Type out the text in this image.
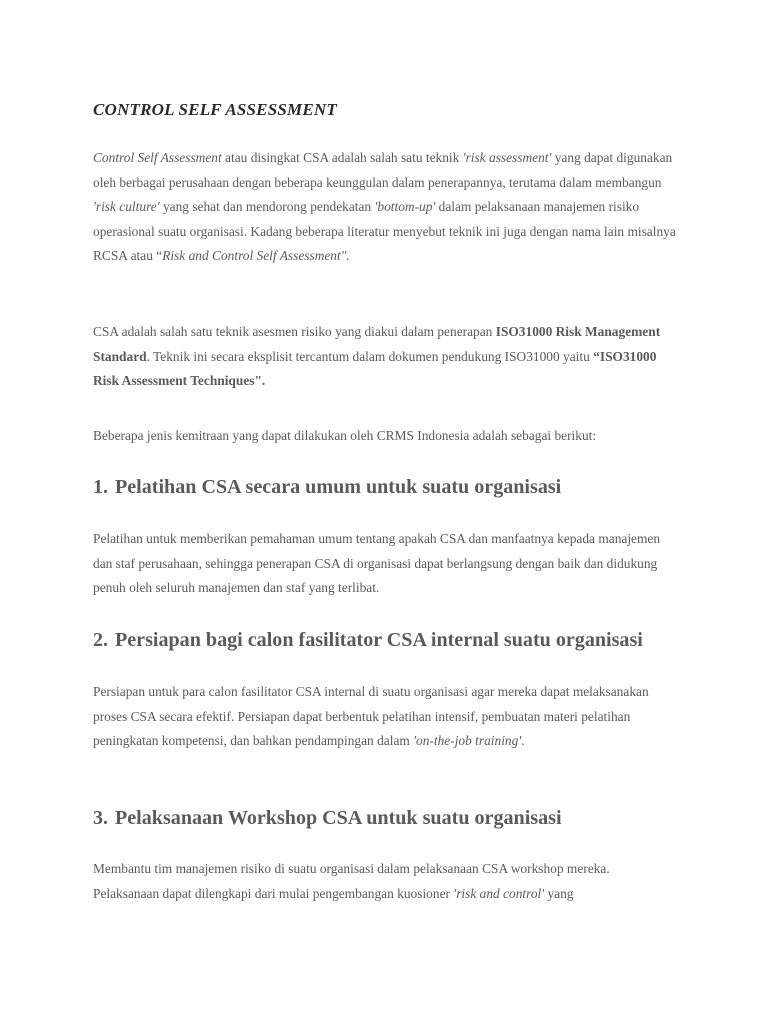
CONTROL SELF ASSESSMENT

Control Self Assessment atau disingkat CSA adalah salah satu teknik 'risk assessment' yang dapat digunakan oleh berbagai perusahaan dengan beberapa keunggulan dalam penerapannya, terutama dalam membangun 'risk culture' yang sehat dan mendorong pendekatan 'bottom-up' dalam pelaksanaan manajemen risiko operasional suatu organisasi. Kadang beberapa literatur menyebut teknik ini juga dengan nama lain misalnya RCSA atau “Risk and Control Self Assessment".

CSA adalah salah satu teknik asesmen risiko yang diakui dalam penerapan ISO31000 Risk Management Standard. Teknik ini secara eksplisit tercantum dalam dokumen pendukung ISO31000 yaitu “ISO31000 Risk Assessment Techniques".

Beberapa jenis kemitraan yang dapat dilakukan oleh CRMS Indonesia adalah sebagai berikut:

1. Pelatihan CSA secara umum untuk suatu organisasi

Pelatihan untuk memberikan pemahaman umum tentang apakah CSA dan manfaatnya kepada manajemen dan staf perusahaan, sehingga penerapan CSA di organisasi dapat berlangsung dengan baik dan didukung penuh oleh seluruh manajemen dan staf yang terlibat.

2. Persiapan bagi calon fasilitator CSA internal suatu organisasi

Persiapan untuk para calon fasilitator CSA internal di suatu organisasi agar mereka dapat melaksanakan proses CSA secara efektif. Persiapan dapat berbentuk pelatihan intensif, pembuatan materi pelatihan peningkatan kompetensi, dan bahkan pendampingan dalam 'on-the-job training'.

3. Pelaksanaan Workshop CSA untuk suatu organisasi

Membantu tim manajemen risiko di suatu organisasi dalam pelaksanaan CSA workshop mereka. Pelaksanaan dapat dilengkapi dari mulai pengembangan kuosioner 'risk and control' yang
